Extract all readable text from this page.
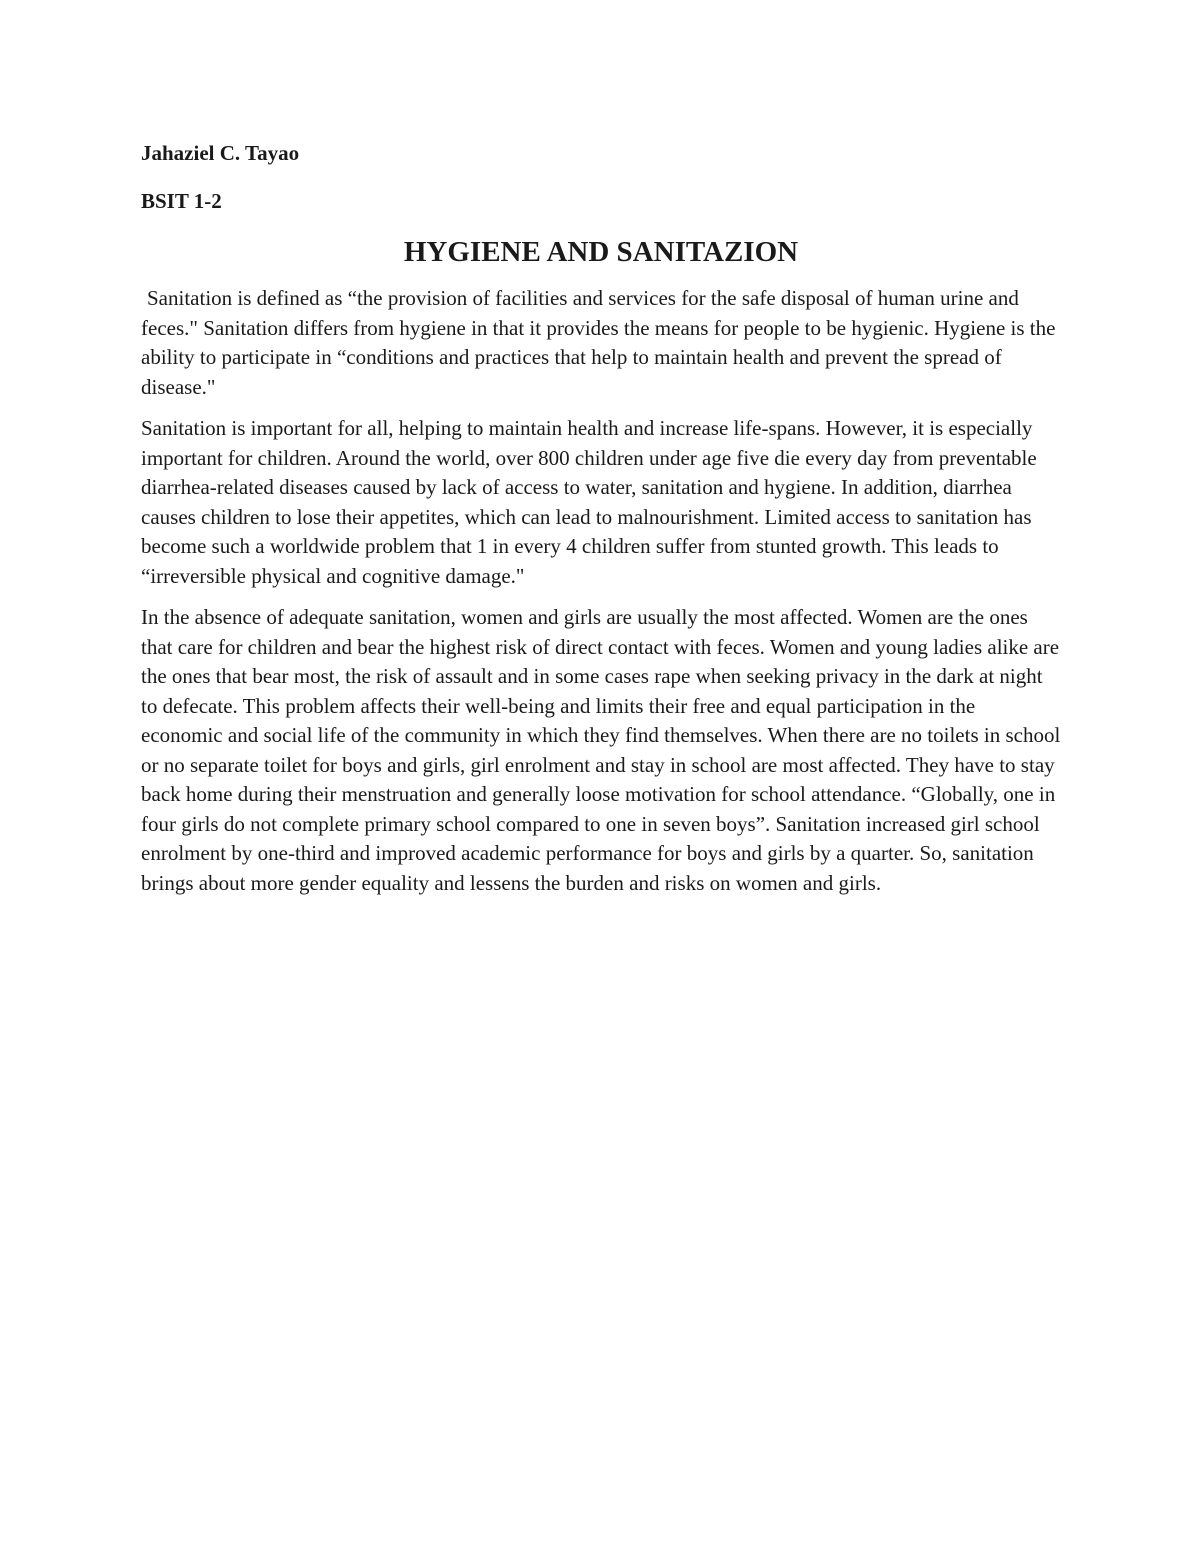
Jahaziel C. Tayao

BSIT 1-2

HYGIENE AND SANITAZION

Sanitation is defined as “the provision of facilities and services for the safe disposal of human urine and feces." Sanitation differs from hygiene in that it provides the means for people to be hygienic. Hygiene is the ability to participate in “conditions and practices that help to maintain health and prevent the spread of disease."

Sanitation is important for all, helping to maintain health and increase life-spans. However, it is especially important for children. Around the world, over 800 children under age five die every day from preventable diarrhea-related diseases caused by lack of access to water, sanitation and hygiene. In addition, diarrhea causes children to lose their appetites, which can lead to malnourishment. Limited access to sanitation has become such a worldwide problem that 1 in every 4 children suffer from stunted growth. This leads to “irreversible physical and cognitive damage."

In the absence of adequate sanitation, women and girls are usually the most affected. Women are the ones that care for children and bear the highest risk of direct contact with feces. Women and young ladies alike are the ones that bear most, the risk of assault and in some cases rape when seeking privacy in the dark at night to defecate. This problem affects their well-being and limits their free and equal participation in the economic and social life of the community in which they find themselves. When there are no toilets in school or no separate toilet for boys and girls, girl enrolment and stay in school are most affected. They have to stay back home during their menstruation and generally loose motivation for school attendance. “Globally, one in four girls do not complete primary school compared to one in seven boys”. Sanitation increased girl school enrolment by one-third and improved academic performance for boys and girls by a quarter. So, sanitation brings about more gender equality and lessens the burden and risks on women and girls.
